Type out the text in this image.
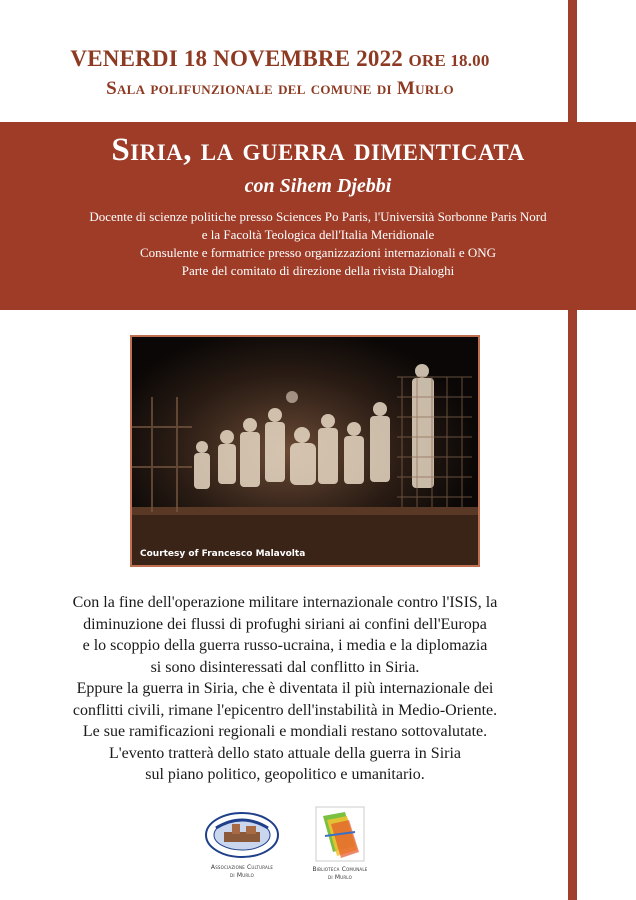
VENERDI 18 NOVEMBRE 2022 ORE 18.00
Sala polifunzionale del comune di Murlo
Siria, la guerra dimenticata
con Sihem Djebbi
Docente di scienze politiche presso Sciences Po Paris, l'Università Sorbonne Paris Nord
e la Facoltà Teologica dell'Italia Meridionale
Consulente e formatrice presso organizzazioni internazionali e ONG
Parte del comitato di direzione della rivista Dialoghi
Courtesy of Francesco Malavolta
Con la fine dell'operazione militare internazionale contro l'ISIS, la
diminuzione dei flussi di profughi siriani ai confini dell'Europa
e lo scoppio della guerra russo-ucraina, i media e la diplomazia
si sono disinteressati dal conflitto in Siria.
Eppure la guerra in Siria, che è diventata il più internazionale dei
conflitti civili, rimane l'epicentro dell'instabilità in Medio-Oriente.
Le sue ramificazioni regionali e mondiali restano sottovalutate.
L'evento tratterà dello stato attuale della guerra in Siria
sul piano politico, geopolitico e umanitario.
Associazione Culturale
di Murlo
Biblioteca Comunale
di Murlo
